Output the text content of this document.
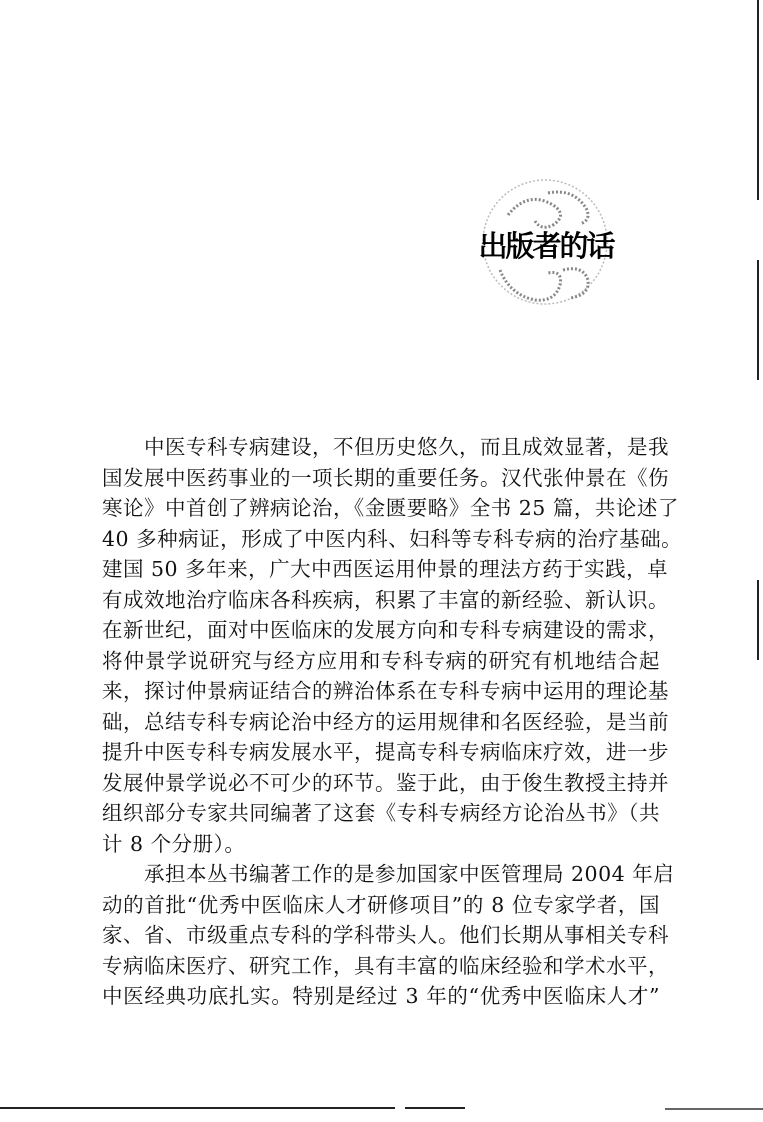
出版者的话
中医专科专病建设，不但历史悠久，而且成效显著，是我
国发展中医药事业的一项长期的重要任务。汉代张仲景在《伤
寒论》中首创了辨病论治，《金匮要略》全书 25 篇，共论述了
40 多种病证，形成了中医内科、妇科等专科专病的治疗基础。
建国 50 多年来，广大中西医运用仲景的理法方药于实践，卓
有成效地治疗临床各科疾病，积累了丰富的新经验、新认识。
在新世纪，面对中医临床的发展方向和专科专病建设的需求，
将仲景学说研究与经方应用和专科专病的研究有机地结合起
来，探讨仲景病证结合的辨治体系在专科专病中运用的理论基
础，总结专科专病论治中经方的运用规律和名医经验，是当前
提升中医专科专病发展水平，提高专科专病临床疗效，进一步
发展仲景学说必不可少的环节。鉴于此，由于俊生教授主持并
组织部分专家共同编著了这套《专科专病经方论治丛书》（共
计 8 个分册）。
承担本丛书编著工作的是参加国家中医管理局 2004 年启
动的首批“优秀中医临床人才研修项目”的 8 位专家学者，国
家、省、市级重点专科的学科带头人。他们长期从事相关专科
专病临床医疗、研究工作，具有丰富的临床经验和学术水平，
中医经典功底扎实。特别是经过 3 年的“优秀中医临床人才”
